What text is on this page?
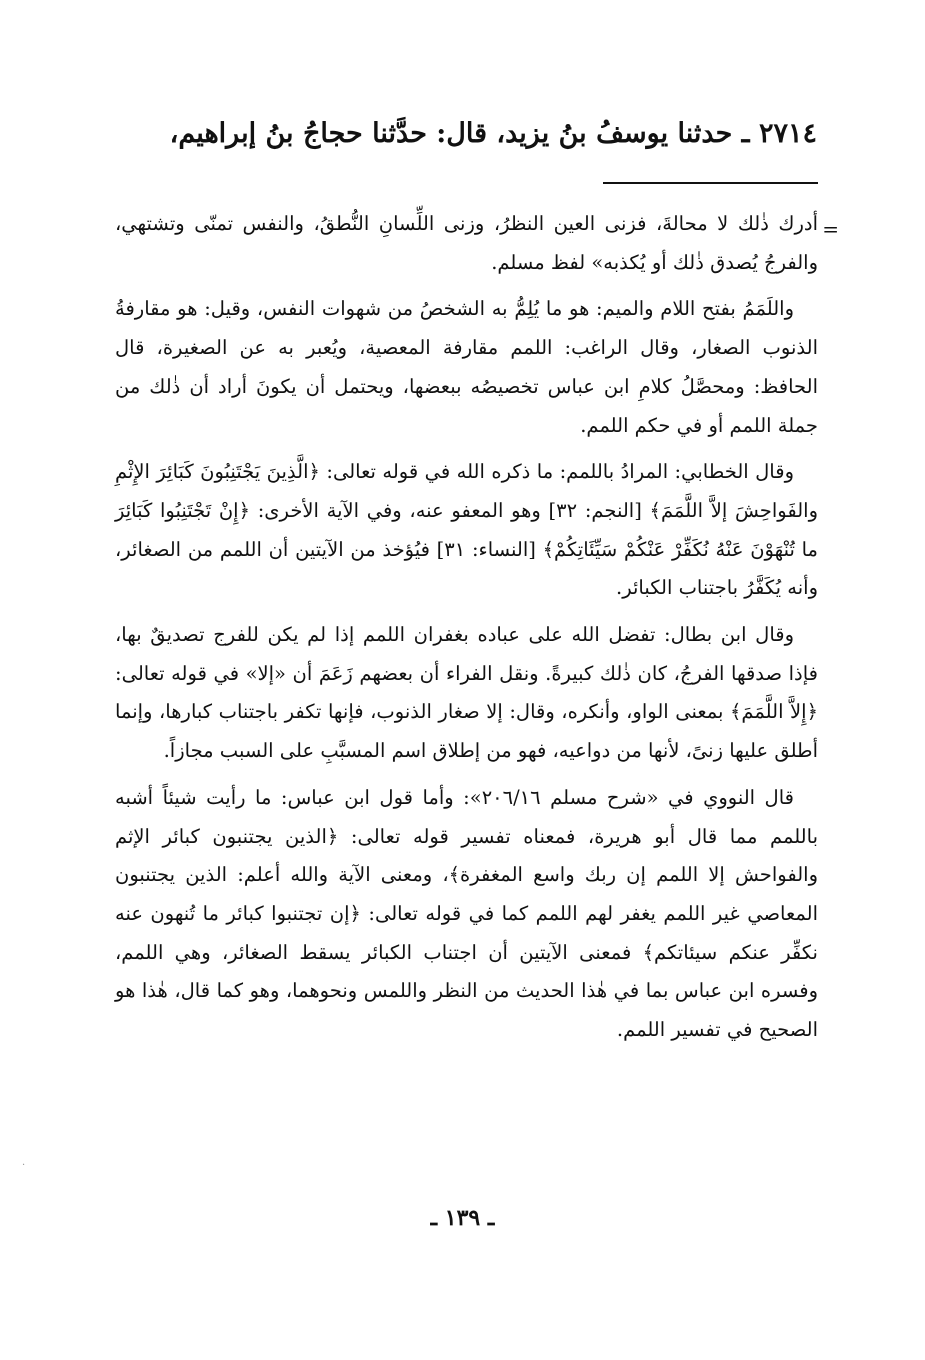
٢٧١٤ ـ حدثنا يوسفُ بنُ يزيد، قال: حدَّثنا حجاجُ بنُ إبراهيم،
=

أدرك ذٰلك لا محالةَ، فزنى العين النظرُ، وزنى اللِّسانِ النُّطقُ، والنفس تمنّى وتشتهي، والفرجُ يُصدق ذٰلك أو يُكذبه» لفظ مسلم.

واللَمَمُ بفتح اللام والميم: هو ما يُلِمُّ به الشخصُ من شهوات النفس، وقيل: هو مقارفةُ الذنوب الصغار، وقال الراغب: اللمم مقارفة المعصية، ويُعبر به عن الصغيرة، قال الحافظ: ومحصَّلُ كلامِ ابن عباس تخصيصُه ببعضها، ويحتمل أن يكونَ أراد أن ذٰلك من جملة اللمم أو في حكم اللمم.

وقال الخطابي: المرادُ باللمم: ما ذكره الله في قوله تعالى: ﴿الَّذِينَ يَجْتَنِبُونَ كَبَائِرَ الإِثْمِ والفَواحِشَ إلاَّ اللَّمَمَ﴾ [النجم: ٣٢] وهو المعفو عنه، وفي الآية الأخرى: ﴿إِنْ تَجْتَنِبُوا كَبَائِرَ ما تُنْهَوْنَ عَنْهُ نُكَفِّرْ عَنْكُمْ سَيِّئَاتِكُمْ﴾ [النساء: ٣١] فيُؤخذ من الآيتين أن اللمم من الصغائر، وأنه يُكَفَّرُ باجتناب الكبائر.

وقال ابن بطال: تفضل الله على عباده بغفران اللمم إذا لم يكن للفرج تصديقٌ بها، فإذا صدقها الفرجُ، كان ذٰلك كبيرةً. ونقل الفراء أن بعضهم زَعَمَ أن «إلا» في قوله تعالى: ﴿إِلاَّ اللَّمَمَ﴾ بمعنى الواو، وأنكره، وقال: إلا صغار الذنوب، فإنها تكفر باجتناب كبارها، وإنما أطلق عليها زنىً، لأنها من دواعيه، فهو من إطلاق اسم المسبَّبِ على السبب مجازاً.

قال النووي في «شرح مسلم ٢٠٦/١٦»: وأما قول ابن عباس: ما رأيت شيئاً أشبه باللمم مما قال أبو هريرة، فمعناه تفسير قوله تعالى: ﴿الذين يجتنبون كبائر الإثم والفواحش إلا اللمم إن ربك واسع المغفرة﴾، ومعنى الآية والله أعلم: الذين يجتنبون المعاصي غير اللمم يغفر لهم اللمم كما في قوله تعالى: ﴿إن تجتنبوا كبائر ما تُنهون عنه نكفِّر عنكم سيئاتكم﴾ فمعنى الآيتين أن اجتناب الكبائر يسقط الصغائر، وهي اللمم، وفسره ابن عباس بما في هٰذا الحديث من النظر واللمس ونحوهما، وهو كما قال، هٰذا هو الصحيح في تفسير اللمم.

ـ ١٣٩ ـ
·
